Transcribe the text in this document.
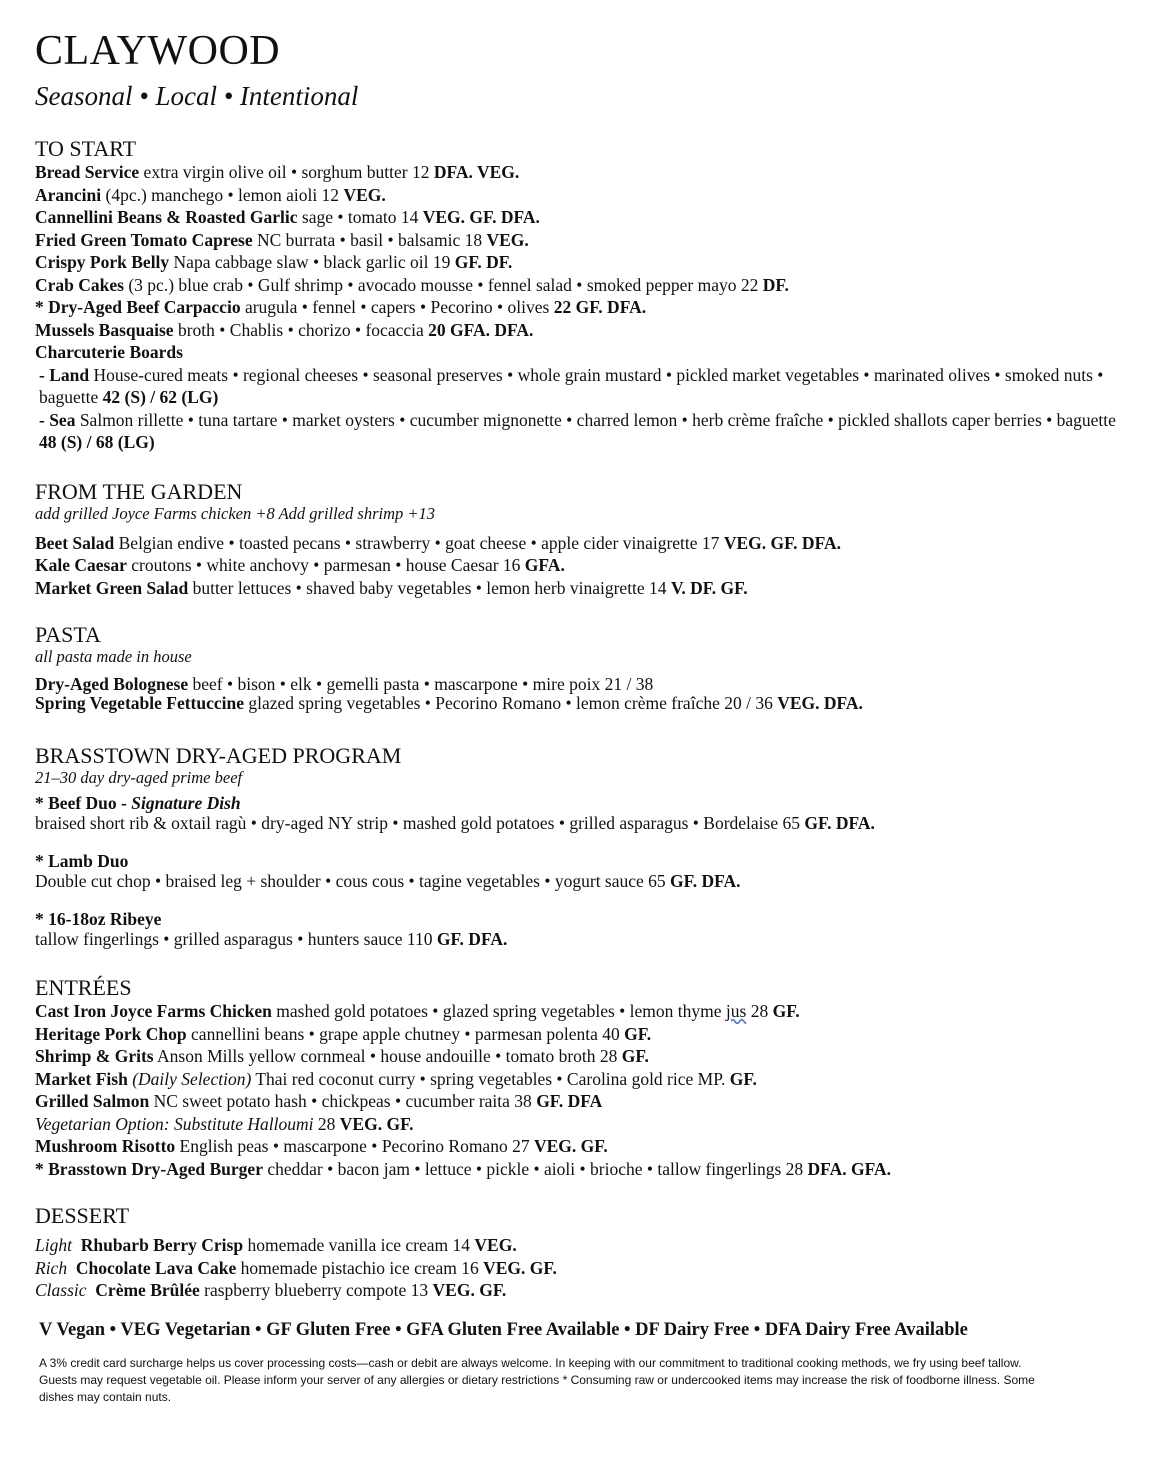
CLAYWOOD

Seasonal • Local • Intentional

TO START

Bread Service extra virgin olive oil • sorghum butter 12 DFA. VEG.

Arancini (4pc.) manchego • lemon aioli 12 VEG.

Cannellini Beans & Roasted Garlic sage • tomato 14 VEG. GF. DFA.

Fried Green Tomato Caprese NC burrata • basil • balsamic 18 VEG.

Crispy Pork Belly Napa cabbage slaw • black garlic oil 19 GF. DF.

Crab Cakes (3 pc.) blue crab • Gulf shrimp • avocado mousse • fennel salad • smoked pepper mayo 22 DF.

* Dry-Aged Beef Carpaccio arugula • fennel • capers • Pecorino • olives 22 GF. DFA.

Mussels Basquaise broth • Chablis • chorizo • focaccia 20 GFA. DFA.

Charcuterie Boards

- Land House-cured meats • regional cheeses • seasonal preserves • whole grain mustard • pickled market vegetables • marinated olives • smoked nuts • baguette 42 (S) / 62 (LG)

- Sea Salmon rillette • tuna tartare • market oysters • cucumber mignonette • charred lemon • herb crème fraîche • pickled shallots caper berries • baguette 48 (S) / 68 (LG)

FROM THE GARDEN

add grilled Joyce Farms chicken +8 Add grilled shrimp +13

Beet Salad Belgian endive • toasted pecans • strawberry • goat cheese • apple cider vinaigrette 17 VEG. GF. DFA.

Kale Caesar croutons • white anchovy • parmesan • house Caesar 16 GFA.

Market Green Salad butter lettuces • shaved baby vegetables • lemon herb vinaigrette 14 V. DF. GF.

PASTA

all pasta made in house

Dry-Aged Bolognese beef • bison • elk • gemelli pasta • mascarpone • mire poix 21 / 38

Spring Vegetable Fettuccine glazed spring vegetables • Pecorino Romano • lemon crème fraîche 20 / 36 VEG. DFA.

BRASSTOWN DRY-AGED PROGRAM

21–30 day dry-aged prime beef

* Beef Duo - Signature Dish

braised short rib & oxtail ragù • dry-aged NY strip • mashed gold potatoes • grilled asparagus • Bordelaise 65 GF. DFA.

* Lamb Duo

Double cut chop • braised leg + shoulder • cous cous • tagine vegetables • yogurt sauce 65 GF. DFA.

* 16-18oz Ribeye

tallow fingerlings • grilled asparagus • hunters sauce 110 GF. DFA.

ENTRÉES

Cast Iron Joyce Farms Chicken mashed gold potatoes • glazed spring vegetables • lemon thyme jus 28 GF.

Heritage Pork Chop cannellini beans • grape apple chutney • parmesan polenta 40 GF.

Shrimp & Grits Anson Mills yellow cornmeal • house andouille • tomato broth 28 GF.

Market Fish (Daily Selection) Thai red coconut curry • spring vegetables • Carolina gold rice MP. GF.

Grilled Salmon NC sweet potato hash • chickpeas • cucumber raita 38 GF. DFA

Vegetarian Option: Substitute Halloumi 28 VEG. GF.

Mushroom Risotto English peas • mascarpone • Pecorino Romano 27 VEG. GF.

* Brasstown Dry-Aged Burger cheddar • bacon jam • lettuce • pickle • aioli • brioche • tallow fingerlings 28 DFA. GFA.

DESSERT

Light Rhubarb Berry Crisp homemade vanilla ice cream 14 VEG.

Rich Chocolate Lava Cake homemade pistachio ice cream 16 VEG. GF.

Classic Crème Brûlée raspberry blueberry compote 13 VEG. GF.

V Vegan • VEG Vegetarian • GF Gluten Free • GFA Gluten Free Available • DF Dairy Free • DFA Dairy Free Available

A 3% credit card surcharge helps us cover processing costs—cash or debit are always welcome. In keeping with our commitment to traditional cooking methods, we fry using beef tallow. Guests may request vegetable oil. Please inform your server of any allergies or dietary restrictions * Consuming raw or undercooked items may increase the risk of foodborne illness. Some dishes may contain nuts.
